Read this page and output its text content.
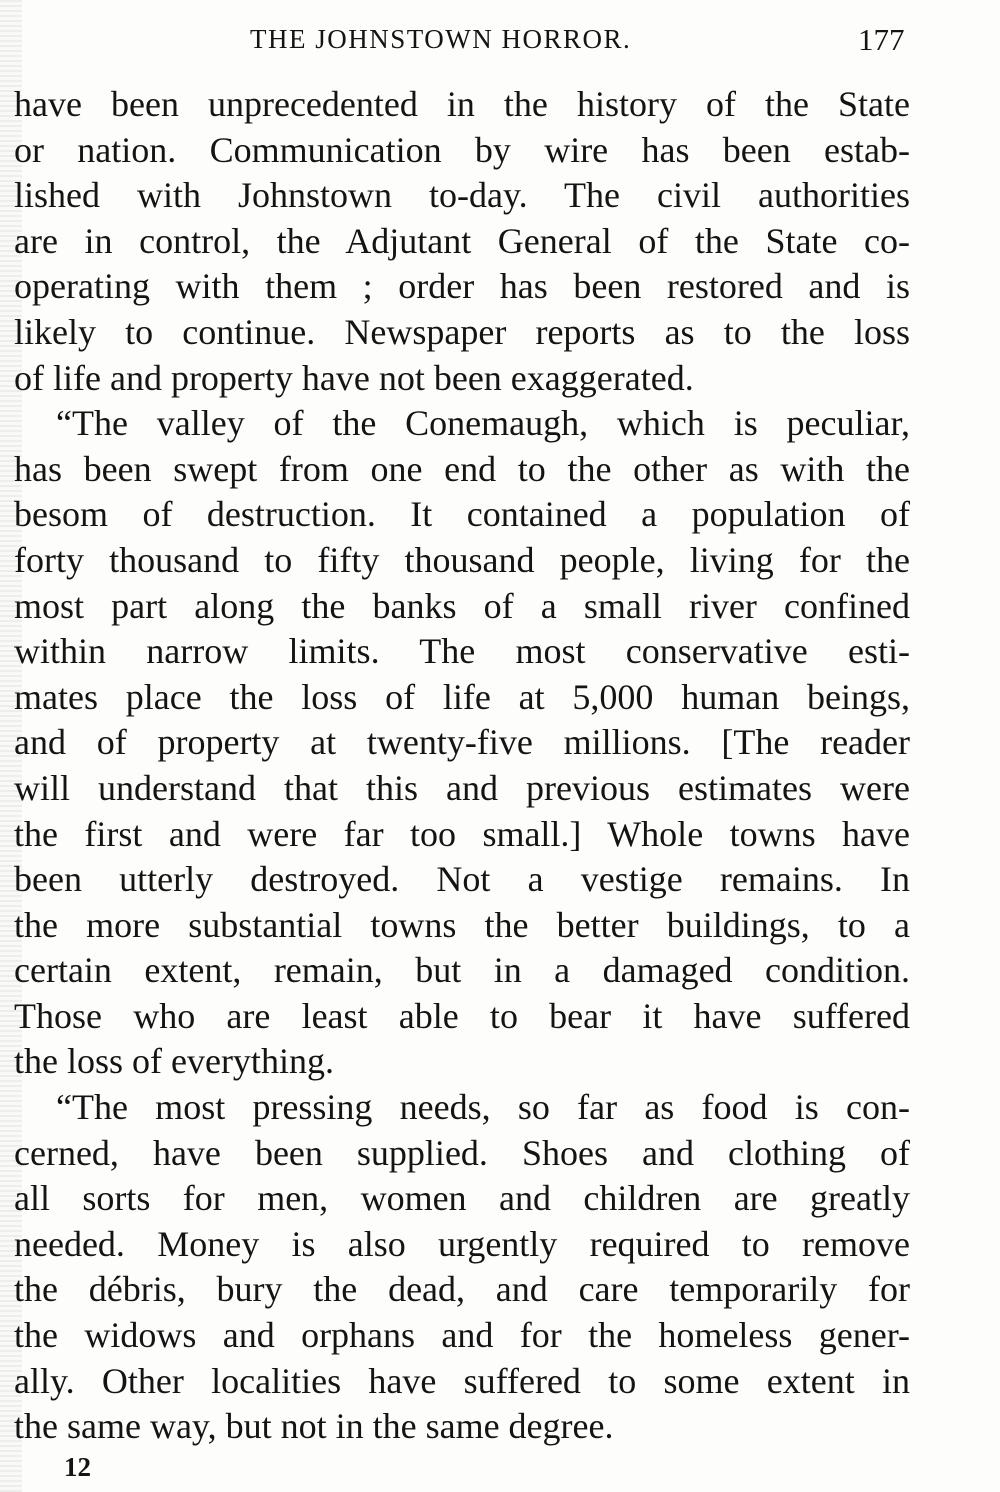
THE JOHNSTOWN HORROR.	177
have been unprecedented in the history of the State
or nation. Communication by wire has been estab-
lished with Johnstown to-day. The civil authorities
are in control, the Adjutant General of the State co-
operating with them ; order has been restored and is
likely to continue. Newspaper reports as to the loss
of life and property have not been exaggerated.
“The valley of the Conemaugh, which is peculiar,
has been swept from one end to the other as with the
besom of destruction. It contained a population of
forty thousand to fifty thousand people, living for the
most part along the banks of a small river confined
within narrow limits. The most conservative esti-
mates place the loss of life at 5,000 human beings,
and of property at twenty-five millions. [The reader
will understand that this and previous estimates were
the first and were far too small.] Whole towns have
been utterly destroyed. Not a vestige remains. In
the more substantial towns the better buildings, to a
certain extent, remain, but in a damaged condition.
Those who are least able to bear it have suffered
the loss of everything.
“The most pressing needs, so far as food is con-
cerned, have been supplied. Shoes and clothing of
all sorts for men, women and children are greatly
needed. Money is also urgently required to remove
the débris, bury the dead, and care temporarily for
the widows and orphans and for the homeless gener-
ally. Other localities have suffered to some extent in
the same way, but not in the same degree.
12
